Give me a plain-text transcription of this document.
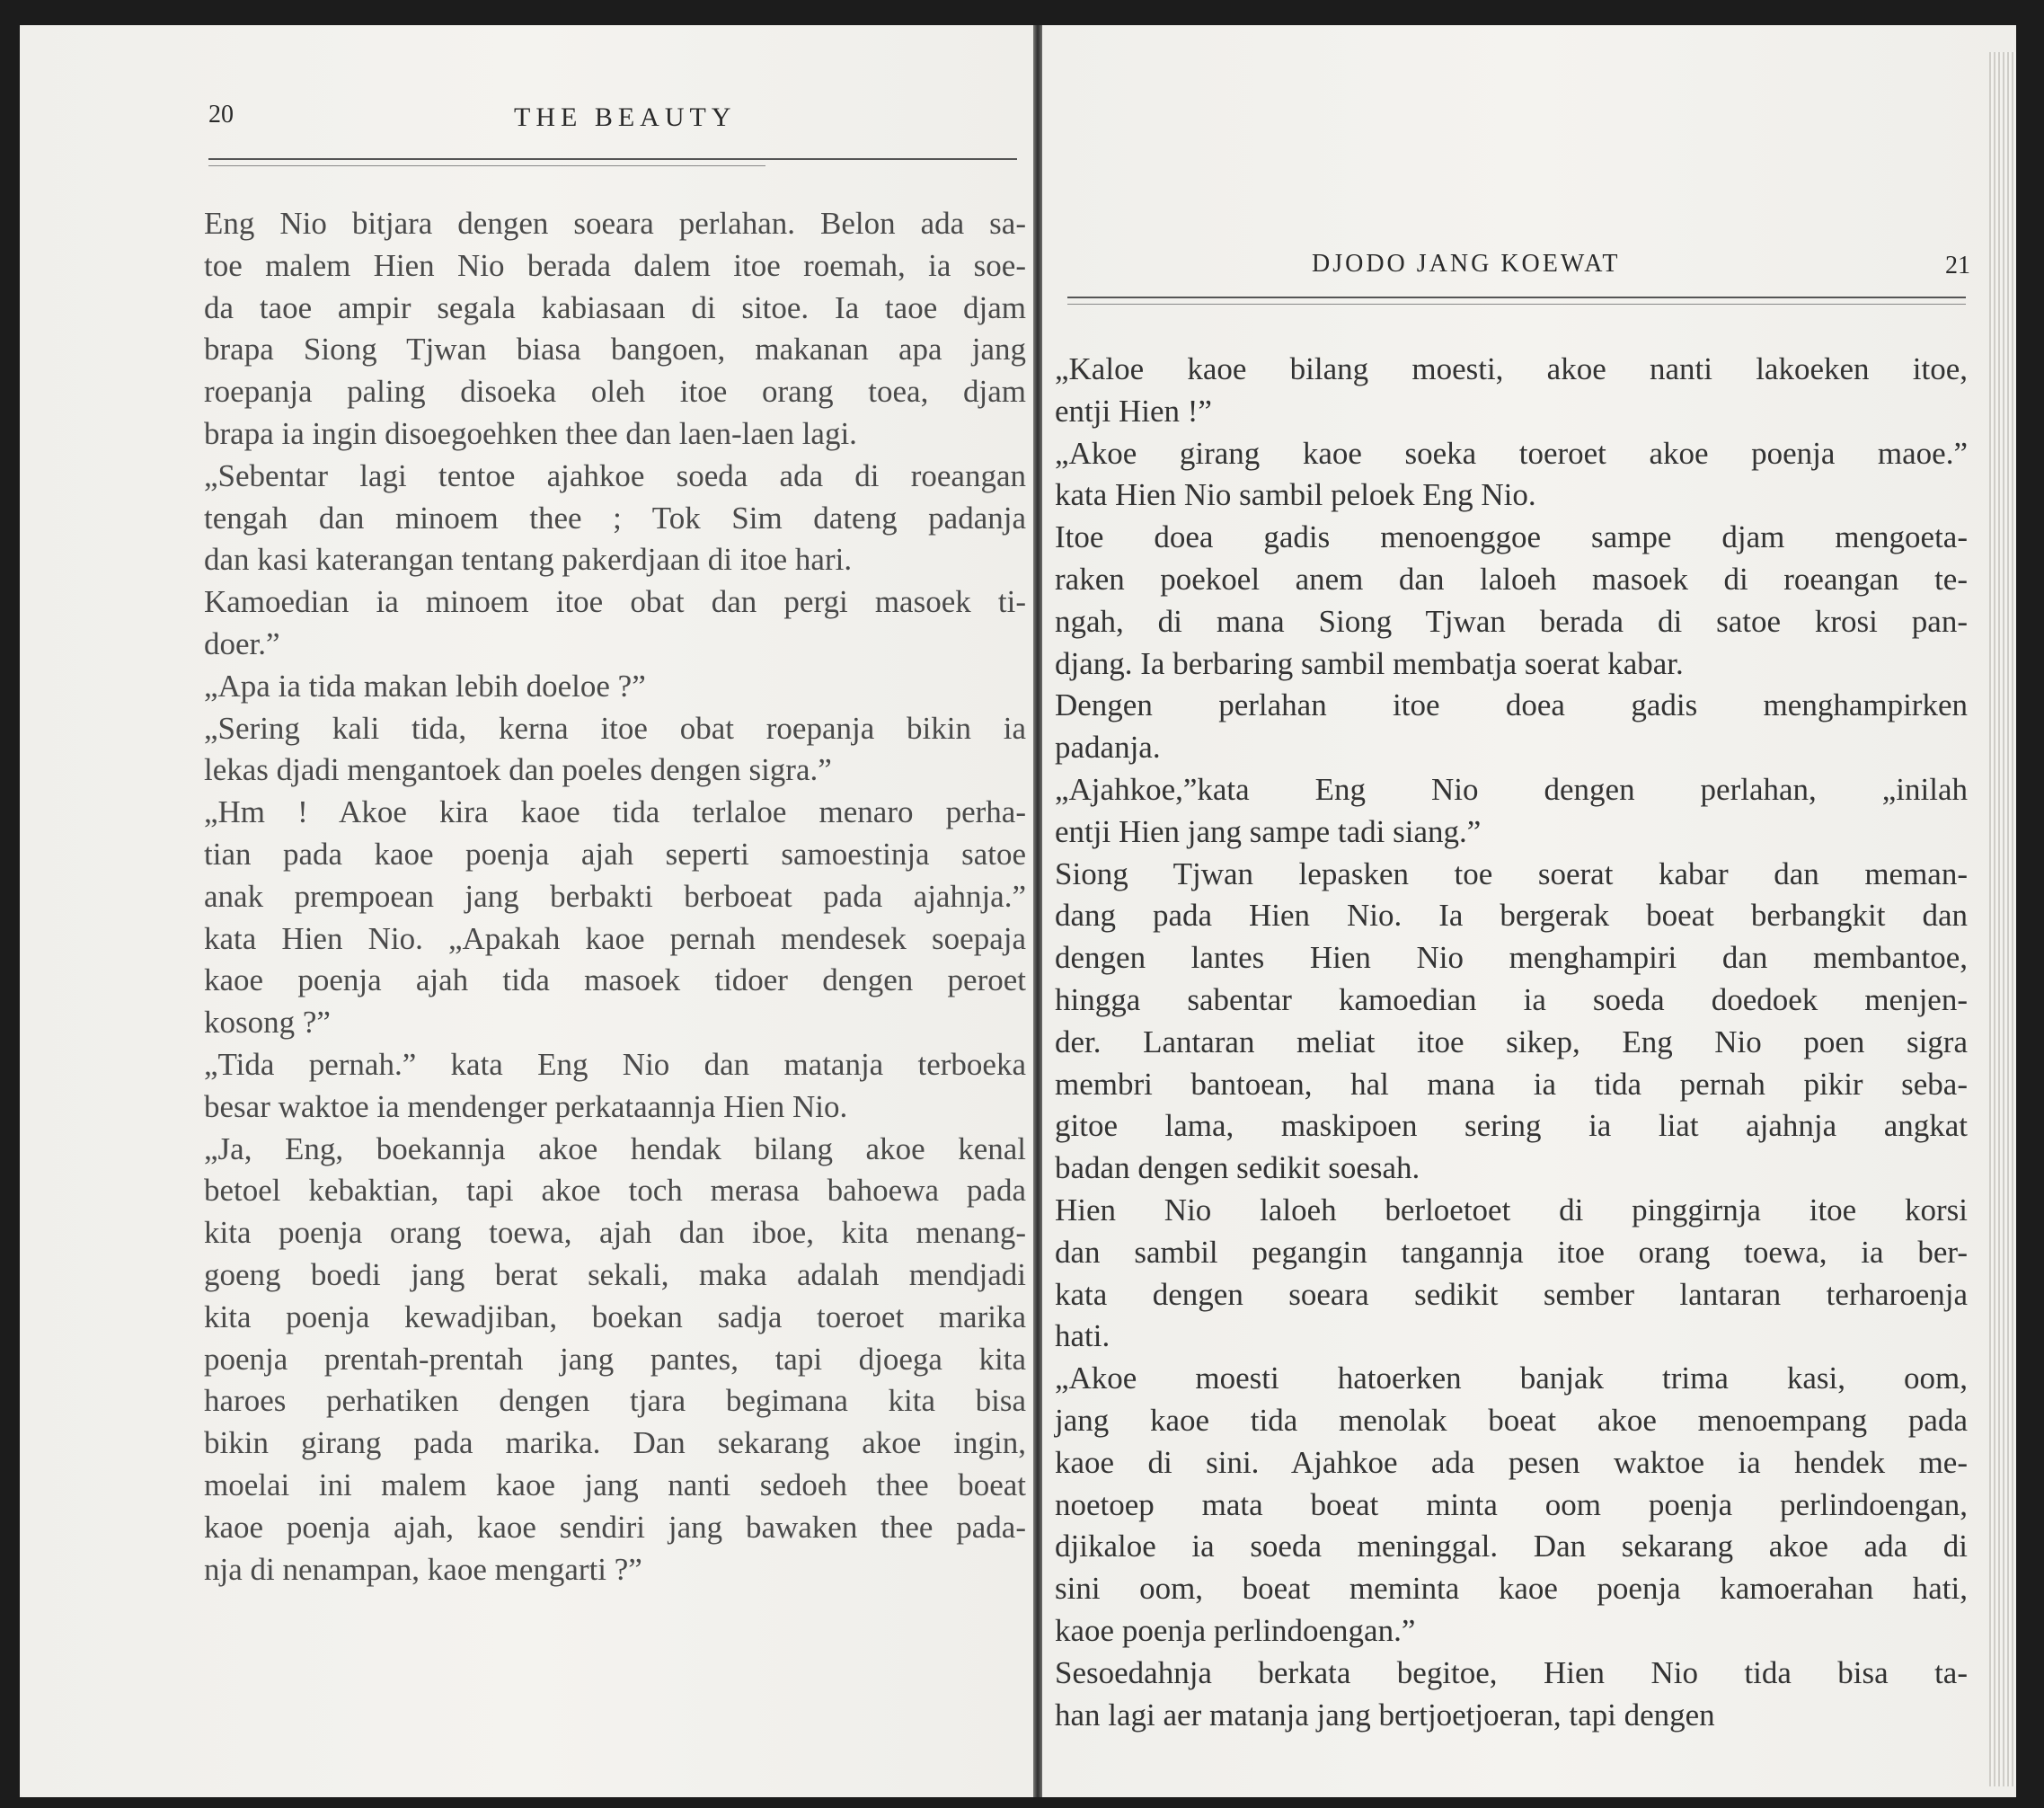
20	THE BEAUTY
Eng Nio bitjara dengen soeara perlahan. Belon ada sa-
toe malem Hien Nio berada dalem itoe roemah, ia soe-
da taoe ampir segala kabiasaan di sitoe. Ia taoe djam
brapa Siong Tjwan biasa bangoen, makanan apa jang
roepanja paling disoeka oleh itoe orang toea, djam
brapa ia ingin disoegoehken thee dan laen-laen lagi.
„Sebentar lagi tentoe ajahkoe soeda ada di roeangan
tengah dan minoem thee ; Tok Sim dateng padanja
dan kasi katerangan tentang pakerdjaan di itoe hari.
Kamoedian ia minoem itoe obat dan pergi masoek ti-
doer.”
„Apa ia tida makan lebih doeloe ?”
„Sering kali tida, kerna itoe obat roepanja bikin ia
lekas djadi mengantoek dan poeles dengen sigra.”
„Hm ! Akoe kira kaoe tida terlaloe menaro perha-
tian pada kaoe poenja ajah seperti samoestinja satoe
anak prempoean jang berbakti berboeat pada ajahnja.”
kata Hien Nio. „Apakah kaoe pernah mendesek soepaja
kaoe poenja ajah tida masoek tidoer dengen peroet
kosong ?”
„Tida pernah.” kata Eng Nio dan matanja terboeka
besar waktoe ia mendenger perkataannja Hien Nio.
„Ja, Eng, boekannja akoe hendak bilang akoe kenal
betoel kebaktian, tapi akoe toch merasa bahoewa pada
kita poenja orang toewa, ajah dan iboe, kita menang-
goeng boedi jang berat sekali, maka adalah mendjadi
kita poenja kewadjiban, boekan sadja toeroet marika
poenja prentah-prentah jang pantes, tapi djoega kita
haroes perhatiken dengen tjara begimana kita bisa
bikin girang pada marika. Dan sekarang akoe ingin,
moelai ini malem kaoe jang nanti sedoeh thee boeat
kaoe poenja ajah, kaoe sendiri jang bawaken thee pada-
nja di nenampan, kaoe mengarti ?”
DJODO JANG KOEWAT	21
„Kaloe kaoe bilang moesti, akoe nanti lakoeken itoe,
entji Hien !”
„Akoe girang kaoe soeka toeroet akoe poenja maoe.”
kata Hien Nio sambil peloek Eng Nio.
Itoe doea gadis menoenggoe sampe djam mengoeta-
raken poekoel anem dan laloeh masoek di roeangan te-
ngah, di mana Siong Tjwan berada di satoe krosi pan-
djang. Ia berbaring sambil membatja soerat kabar.
Dengen perlahan itoe doea gadis menghampirken
padanja.
„Ajahkoe,”kata Eng Nio dengen perlahan, „inilah
entji Hien jang sampe tadi siang.”
Siong Tjwan lepasken toe soerat kabar dan meman-
dang pada Hien Nio. Ia bergerak boeat berbangkit dan
dengen lantes Hien Nio menghampiri dan membantoe,
hingga sabentar kamoedian ia soeda doedoek menjen-
der. Lantaran meliat itoe sikep, Eng Nio poen sigra
membri bantoean, hal mana ia tida pernah pikir seba-
gitoe lama, maskipoen sering ia liat ajahnja angkat
badan dengen sedikit soesah.
Hien Nio laloeh berloetoet di pinggirnja itoe korsi
dan sambil pegangin tangannja itoe orang toewa, ia ber-
kata dengen soeara sedikit sember lantaran terharoenja
hati.
„Akoe moesti hatoerken banjak trima kasi, oom,
jang kaoe tida menolak boeat akoe menoempang pada
kaoe di sini. Ajahkoe ada pesen waktoe ia hendek me-
noetoep mata boeat minta oom poenja perlindoengan,
djikaloe ia soeda meninggal. Dan sekarang akoe ada di
sini oom, boeat meminta kaoe poenja kamoerahan hati,
kaoe poenja perlindoengan.”
Sesoedahnja berkata begitoe, Hien Nio tida bisa ta-
han lagi aer matanja jang bertjoetjoeran, tapi dengen
